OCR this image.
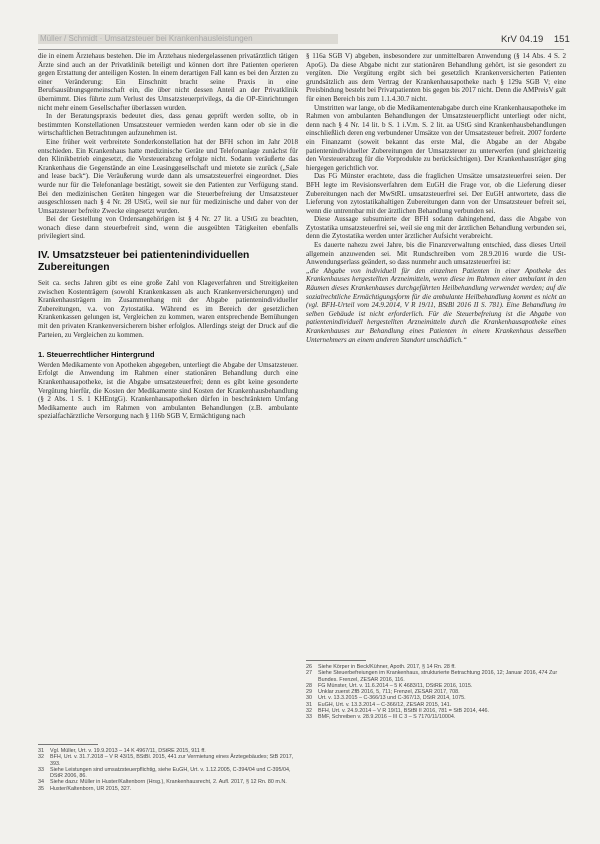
Müller / Schmidt · Umsatzsteuer bei Krankenhausleistungen	KrV 04.19 151

die in einem Ärztehaus bestehen. Die im Ärztehaus niedergelassenen privatärztlich tätigen Ärzte sind auch an der Privatklinik beteiligt und können dort ihre Patienten operieren gegen Erstattung der anteiligen Kosten. In einem derartigen Fall kann es bei den Ärzten zu einer Veränderung: Ein Einschnitt bracht seine Praxis in eine Berufsausübungsgemeinschaft ein, die über nicht dessen Anteil an der Privatklinik übernimmt. Dies führte zum Verlust des Umsatzsteuerprivilegs, da die OP-Einrichtungen nicht mehr einem Gesellschafter überlassen wurden.

In der Beratungspraxis bedeutet dies, dass genau geprüft werden sollte, ob in bestimmten Konstellationen Umsatzsteuer vermieden werden kann oder ob sie in die wirtschaftlichen Betrachtungen aufzunehmen ist.

Eine früher weit verbreitete Sonderkonstellation hat der BFH schon im Jahr 2018 entschieden. Ein Krankenhaus hatte medizinische Geräte und Telefonanlage zunächst für den Klinikbetrieb eingesetzt, die Vorsteuerabzug erfolgte nicht. Sodann veräußerte das Krankenhaus die Gegenstände an eine Leasinggesellschaft und mietete sie zurück („Sale and lease back“). Die Veräußerung wurde dann als umsatzsteuerfrei eingeordnet. Dies wurde nur für die Telefonanlage bestätigt, soweit sie den Patienten zur Verfügung stand. Bei den medizinischen Geräten hingegen war die Steuerbefreiung der Umsatzsteuer ausgeschlossen nach § 4 Nr. 28 UStG, weil sie nur für medizinische und daher von der Umsatzsteuer befreite Zwecke eingesetzt wurden.

Bei der Gestellung von Ordensangehörigen ist § 4 Nr. 27 lit. a UStG zu beachten, wonach diese dann steuerbefreit sind, wenn die ausgeübten Tätigkeiten ebenfalls privilegiert sind.

IV. Umsatzsteuer bei patientenindividuellen Zubereitungen

Seit ca. sechs Jahren gibt es eine große Zahl von Klageverfahren und Streitigkeiten zwischen Kostenträgern (sowohl Krankenkassen als auch Krankenversicherungen) und Krankenhausträgern im Zusammenhang mit der Abgabe patientenindividueller Zubereitungen, v.a. von Zytostatika. Während es im Bereich der gesetzlichen Krankenkassen gelungen ist, Vergleichen zu kommen, waren entsprechende Bemühungen mit den privaten Krankenversicherern bisher erfolglos. Allerdings steigt der Druck auf die Parteien, zu Vergleichen zu kommen.

1. Steuerrechtlicher Hintergrund

Werden Medikamente von Apotheken abgegeben, unterliegt die Abgabe der Umsatzsteuer. Erfolgt die Anwendung im Rahmen einer stationären Behandlung durch eine Krankenhausapotheke, ist die Abgabe umsatzsteuerfrei; denn es gibt keine gesonderte Vergütung hierfür, die Kosten der Medikamente sind Kosten der Krankenhausbehandlung (§ 2 Abs. 1 S. 1 KHEntgG). Krankenhausapotheken dürfen in beschränktem Umfang Medikamente auch im Rahmen von ambulanten Behandlungen (z.B. ambulante spezialfachärztliche Versorgung nach § 116b SGB V, Ermächtigung nach

§ 116a SGB V) abgeben, insbesondere zur unmittelbaren Anwendung (§ 14 Abs. 4 S. 2 ApoG). Da diese Abgabe nicht zur stationären Behandlung gehört, ist sie gesondert zu vergüten. Die Vergütung ergibt sich bei gesetzlich Krankenversicherten Patienten grundsätzlich aus dem Vertrag der Krankenhausapotheke nach § 129a SGB V; eine Preisbindung besteht bei Privatpatienten bis gegen bis 2017 nicht. Denn die AMPreisV galt für einen Bereich bis zum 1.1.4.30.7 nicht.

Umstritten war lange, ob die Medikamentenabgabe durch eine Krankenhausapotheke im Rahmen von ambulanten Behandlungen der Umsatzsteuerpflicht unterliegt oder nicht, denn nach § 4 Nr. 14 lit. b S. 1 i.V.m. S. 2 lit. aa UStG sind Krankenhausbehandlungen einschließlich deren eng verbundener Umsätze von der Umsatzsteuer befreit. 2007 forderte ein Finanzamt (soweit bekannt das erste Mal, die Abgabe an der Abgabe patientenindividueller Zubereitungen der Umsatzsteuer zu unterwerfen (und gleichzeitig den Vorsteuerabzug für die Vorprodukte zu berücksichtigen). Der Krankenhausträger ging hiergegen gerichtlich vor.

Das FG Münster erachtete, dass die fraglichen Umsätze umsatzsteuerfrei seien. Der BFH legte im Revisionsverfahren dem EuGH die Frage vor, ob die Lieferung dieser Zubereitungen nach der MwStRL umsatzsteuerfrei sei. Der EuGH antwortete, dass die Lieferung von zytostatikahaltigen Zubereitungen dann von der Umsatzsteuer befreit sei, wenn die untrennbar mit der ärztlichen Behandlung verbunden sei.

Diese Aussage subsumierte der BFH sodann dahingehend, dass die Abgabe von Zytostatika umsatzsteuerfrei sei, weil sie eng mit der ärztlichen Behandlung verbunden sei, denn die Zytostatika werden unter ärztlicher Aufsicht verabreicht.

Es dauerte nahezu zwei Jahre, bis die Finanzverwaltung entschied, dass dieses Urteil allgemein anzuwenden sei. Mit Rundschreiben vom 28.9.2016 wurde die USt-Anwendungserlass geändert, so dass nunmehr auch umsatzsteuerfrei ist:

„die Abgabe von individuell für den einzelnen Patienten in einer Apotheke des Krankenhauses hergestellten Arzneimitteln, wenn diese im Rahmen einer ambulant in den Räumen dieses Krankenhauses durchgeführten Heilbehandlung verwendet werden; auf die sozialrechtliche Ermächtigungsform für die ambulante Heilbehandlung kommt es nicht an (vgl. BFH-Urteil vom 24.9.2014, V R 19/11, BStBl 2016 II S. 781). Eine Behandlung im selben Gebäude ist nicht erforderlich. Für die Steuerbefreiung ist die Abgabe von patientenindividuell hergestellten Arzneimitteln durch die Krankenhausapotheke eines Krankenhauses zur Behandlung eines Patienten in einem Krankenhaus desselben Unternehmers an einem anderen Standort unschädlich.“

31	Vgl. Müller, Urt. v. 19.9.2013 – 14 K 4967/11, DStRE 2015, 911 ff.
32	BFH, Urt. v. 31.7.2018 – V R 43/15, BStBl. 2015, 441 zur Vermietung eines Ärztegebäudes; StB 2017, 393.
33	Siehe Leistungen sind umsatzsteuerpflichtig, siehe EuGH, Urt. v. 1.12.2005, C-394/04 und C-395/04, DStR 2006, 86.
34	Siehe dazu: Müller in Huster/Kaltenborn (Hrsg.), Krankenhausrecht, 2. Aufl. 2017, § 12 Rn. 80 m.N.
35	Huster/Kaltenborn, UR 2015, 327.
26	Siehe Körper in Beck/Kühner, Apoth. 2017, § 14 Rn. 28 ff.
27	Siehe Steuerbefreiungen im Krankenhaus, strukturierte Betrachtung 2016, 12; Januar 2016, 474 Zur Bundes. Frenzel, ZESAR 2016, 116.
28	FG Münster, Urt. v. 11.6.2014 – 5 K 4683/11, DStRE 2016, 1015.
29	Unklar zuerst ZfB 2016, 5, 711; Frenzel, ZESAR 2017, 708.
30	Urt. v. 13.3.2015 – C-366/13 und C-367/13, DStR 2014, 1075.
31	EuGH, Urt. v. 13.3.2014 – C-366/12, ZESAR 2015, 141.
32	BFH, Urt. v. 24.9.2014 – V R 19/11, BStBl II 2016, 781 = StB 2014, 446.
33	BMF, Schreiben v. 28.9.2016 – III C 3 – S 7170/11/10004.
